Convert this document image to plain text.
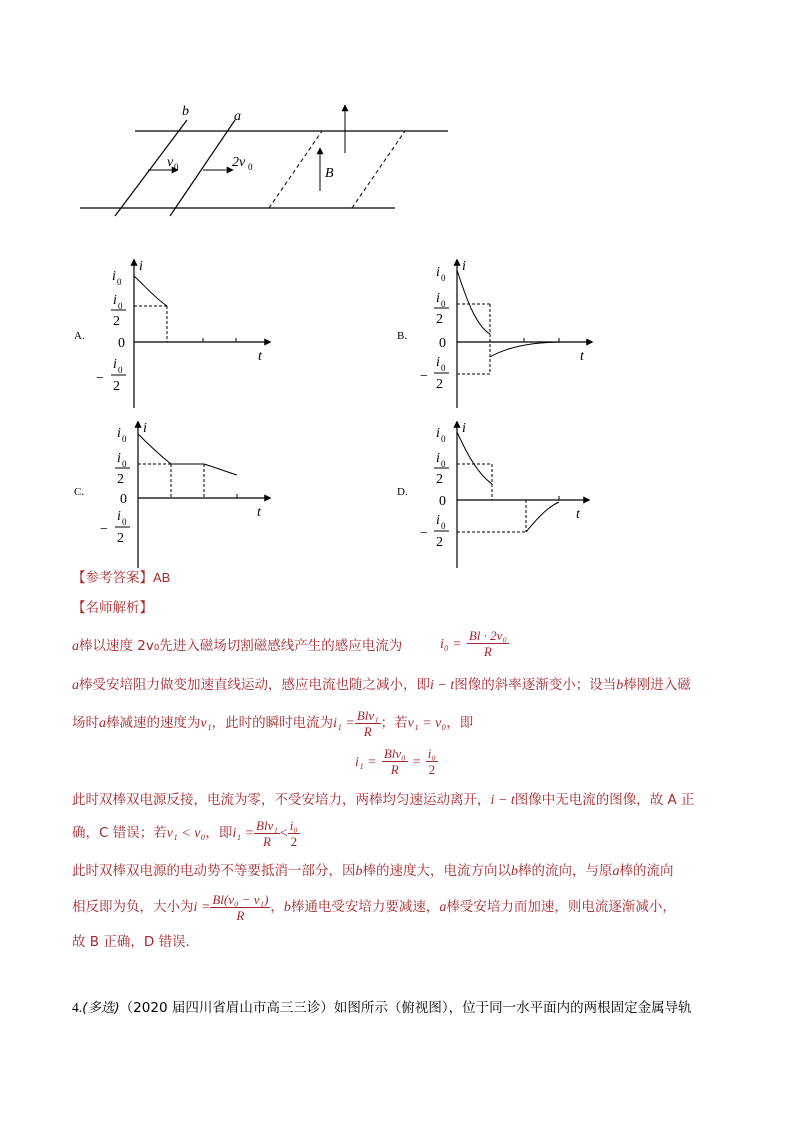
b	a
v 0	2v 0	B
A.
i 0
i
i 0
2
0
t
−
i 0
2
B.
i 0
i
i 0
2
0
t
−
i 0
2
C.
i 0
i
i 0
2
0
t
−
i 0
2
D.
i 0
i
i 0
2
0
t
−
i 0
2
【参考答案】AB
【名师解析】
a棒以速度 2v₀先进入磁场切割磁感线产生的感应电流为	$i_0 = \frac{\text{Bl · 2v₀}}{R}$
a棒受安培阻力做变加速直线运动，感应电流也随之减小，即i − t图像的斜率逐渐变小；设当b棒刚进入磁
场时a棒减速的速度为v₁，此时的瞬时电流为$i_1 = \frac{\text{Blv₁}}{R}$ ；若v₁ = v₀，即
$i_1 = \frac{\text{Blv₀}}{R} = \frac{\text{i₀}}{2}$
此时双棒双电源反接，电流为零，不受安培力，两棒均匀速运动离开，i − t图像中无电流的图像，故 A 正
确，C 错误；若v₁ < v₀，即$i_1 = \frac{\text{Blv₁}}{R} < \frac{\text{i₀}}{2}$
此时双棒双电源的电动势不等要抵消一部分，因b棒的速度大，电流方向以b棒的流向，与原a棒的流向
相反即为负，大小为$i = \frac{\text{Bl(v₀ − v₁)}}{R}$ ，b棒通电受安培力要减速，a棒受安培力而加速，则电流逐渐减小，
故 B 正确，D 错误.
4.(多选)（2020 届四川省眉山市高三三诊）如图所示（俯视图），位于同一水平面内的两根固定金属导轨
